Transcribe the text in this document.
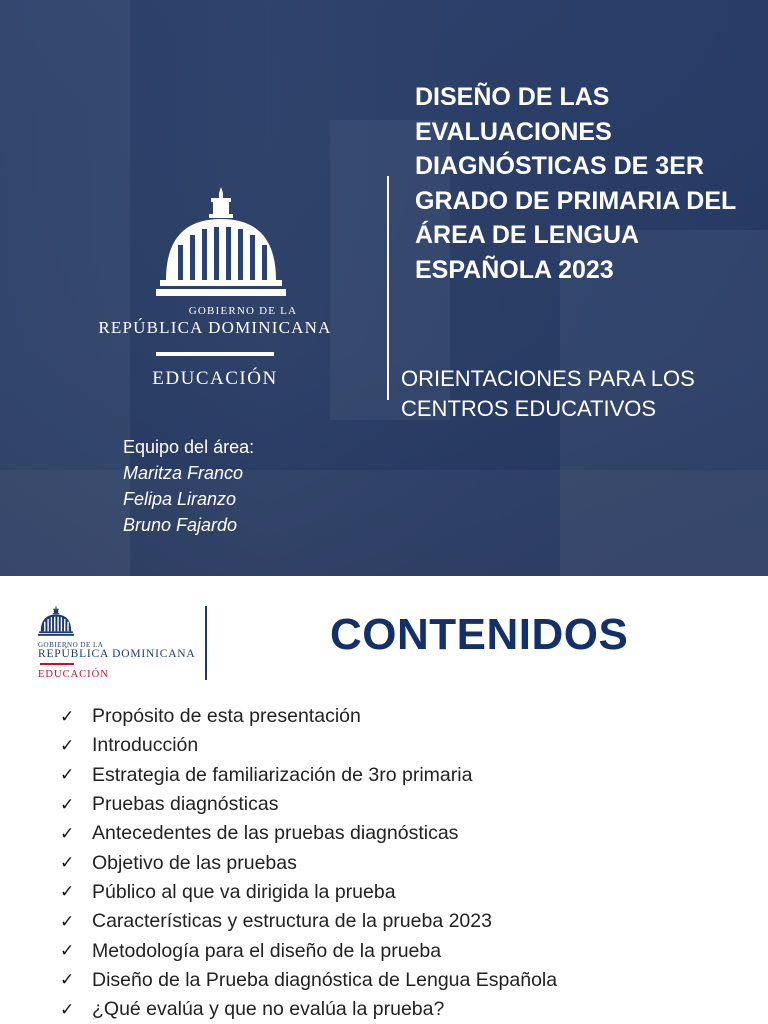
GOBIERNO DE LA
REPÚBLICA DOMINICANA
EDUCACIÓN
Equipo del área:
Maritza Franco
Felipa Liranzo
Bruno Fajardo
DISEÑO DE LAS EVALUACIONES DIAGNÓSTICAS DE 3ER GRADO DE PRIMARIA DEL ÁREA DE LENGUA ESPAÑOLA 2023

ORIENTACIONES PARA LOS CENTROS EDUCATIVOS

GOBIERNO DE LA
REPÚBLICA DOMINICANA
EDUCACIÓN
CONTENIDOS
✓ Propósito de esta presentación
✓ Introducción
✓ Estrategia de familiarización de 3ro primaria
✓ Pruebas diagnósticas
✓ Antecedentes de las pruebas diagnósticas
✓ Objetivo de las pruebas
✓ Público al que va dirigida la prueba
✓ Características y estructura de la prueba 2023
✓ Metodología para el diseño de la prueba
✓ Diseño de la Prueba diagnóstica de Lengua Española
✓ ¿Qué evalúa y que no evalúa la prueba?
